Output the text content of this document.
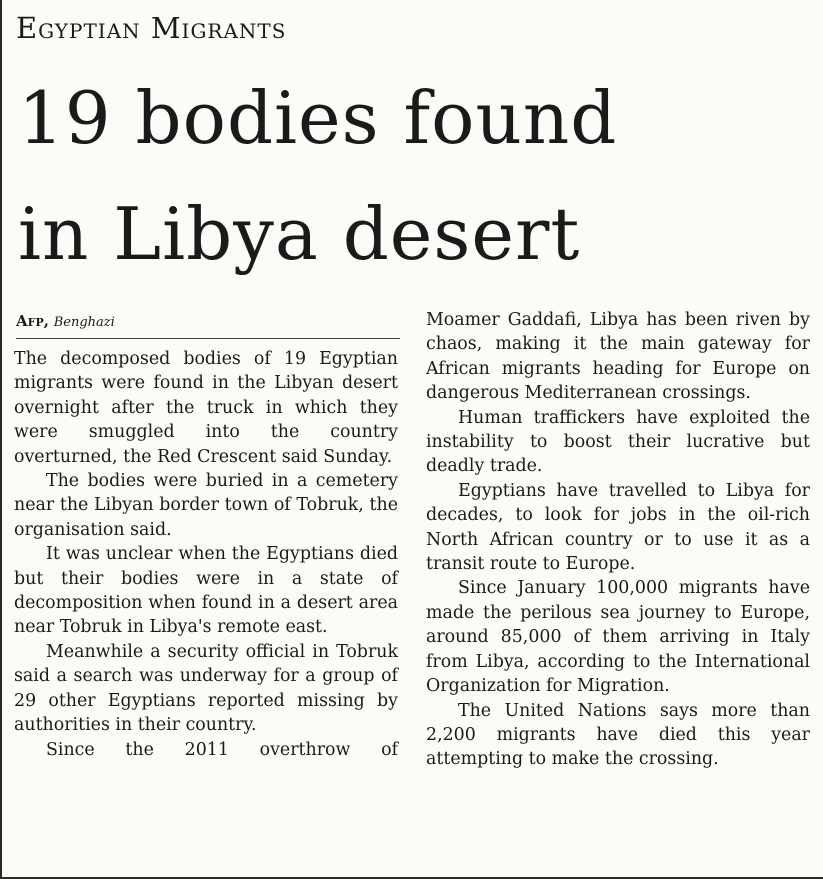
Egyptian Migrants
19 bodies found
in Libya desert
Afp, Benghazi

The decomposed bodies of 19 Egyptian migrants were found in the Libyan desert overnight after the truck in which they were smuggled into the country overturned, the Red Crescent said Sunday.

The bodies were buried in a cemetery near the Libyan border town of Tobruk, the organisation said.

It was unclear when the Egyptians died but their bodies were in a state of decomposition when found in a desert area near Tobruk in Libya's remote east.

Meanwhile a security official in Tobruk said a search was underway for a group of 29 other Egyptians reported missing by authorities in their country.

Since the 2011 overthrow of

Moamer Gaddafi, Libya has been riven by chaos, making it the main gateway for African migrants heading for Europe on dangerous Mediterranean crossings.

Human traffickers have exploited the instability to boost their lucrative but deadly trade.

Egyptians have travelled to Libya for decades, to look for jobs in the oil-rich North African country or to use it as a transit route to Europe.

Since January 100,000 migrants have made the perilous sea journey to Europe, around 85,000 of them arriving in Italy from Libya, according to the International Organization for Migration.

The United Nations says more than 2,200 migrants have died this year attempting to make the crossing.
